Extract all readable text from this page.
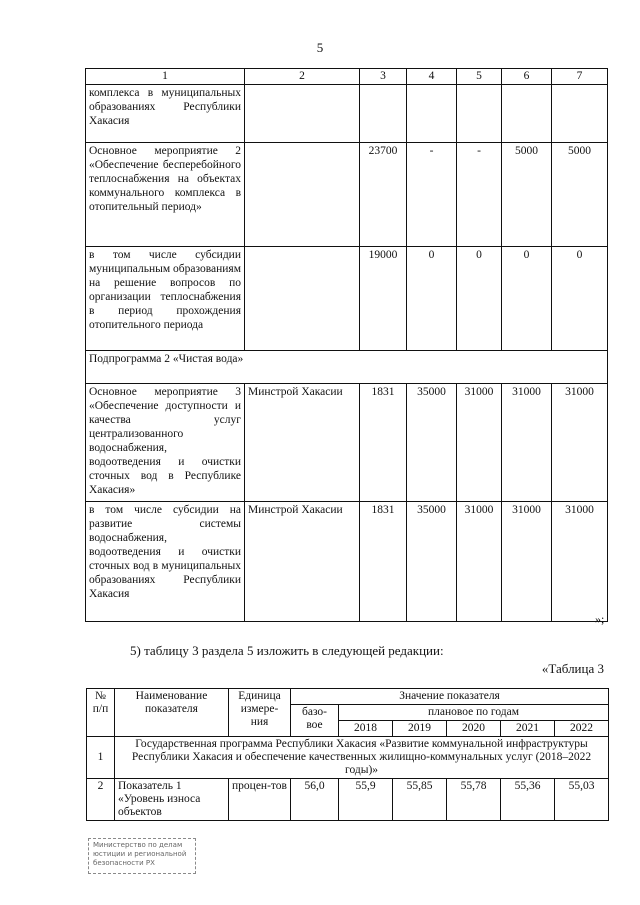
5
1	2	3	4	5	6	7
комплекса в муниципальных образованиях Республики Хакасия						
Основное мероприятие 2 «Обеспечение бесперебойного теплоснабжения на объектах коммунального комплекса в отопительный период»		23700	-	-	5000	5000
в том числе субсидии муниципальным образованиям на решение вопросов по организации теплоснабжения в период прохождения отопительного периода		19000	0	0	0	0
Подпрограмма 2 «Чистая вода»						
Основное мероприятие 3 «Обеспечение доступности и качества услуг централизованного водоснабжения, водоотведения и очистки сточных вод в Республике Хакасия»	Минстрой Хакасии	1831	35000	31000	31000	31000
в том числе субсидии на развитие системы водоснабжения, водоотведения и очистки сточных вод в муниципальных образованиях Республики Хакасия	Минстрой Хакасии	1831	35000	31000	31000	31000
»;
5) таблицу 3 раздела 5 изложить в следующей редакции:
«Таблица 3
№ п/п	Наименование показателя	Единица измере-ния	Значение показателя					
			базо-вое	плановое по годам				
				2018	2019	2020	2021	2022
1	Государственная программа Республики Хакасия «Развитие коммунальной инфраструктуры Республики Хакасия и обеспечение качественных жилищно-коммунальных услуг (2018–2022 годы)»							
2	Показатель 1 «Уровень износа объектов	процен-тов	56,0	55,9	55,85	55,78	55,36	55,03
Министерство по делам юстиции и региональной безопасности РХ
